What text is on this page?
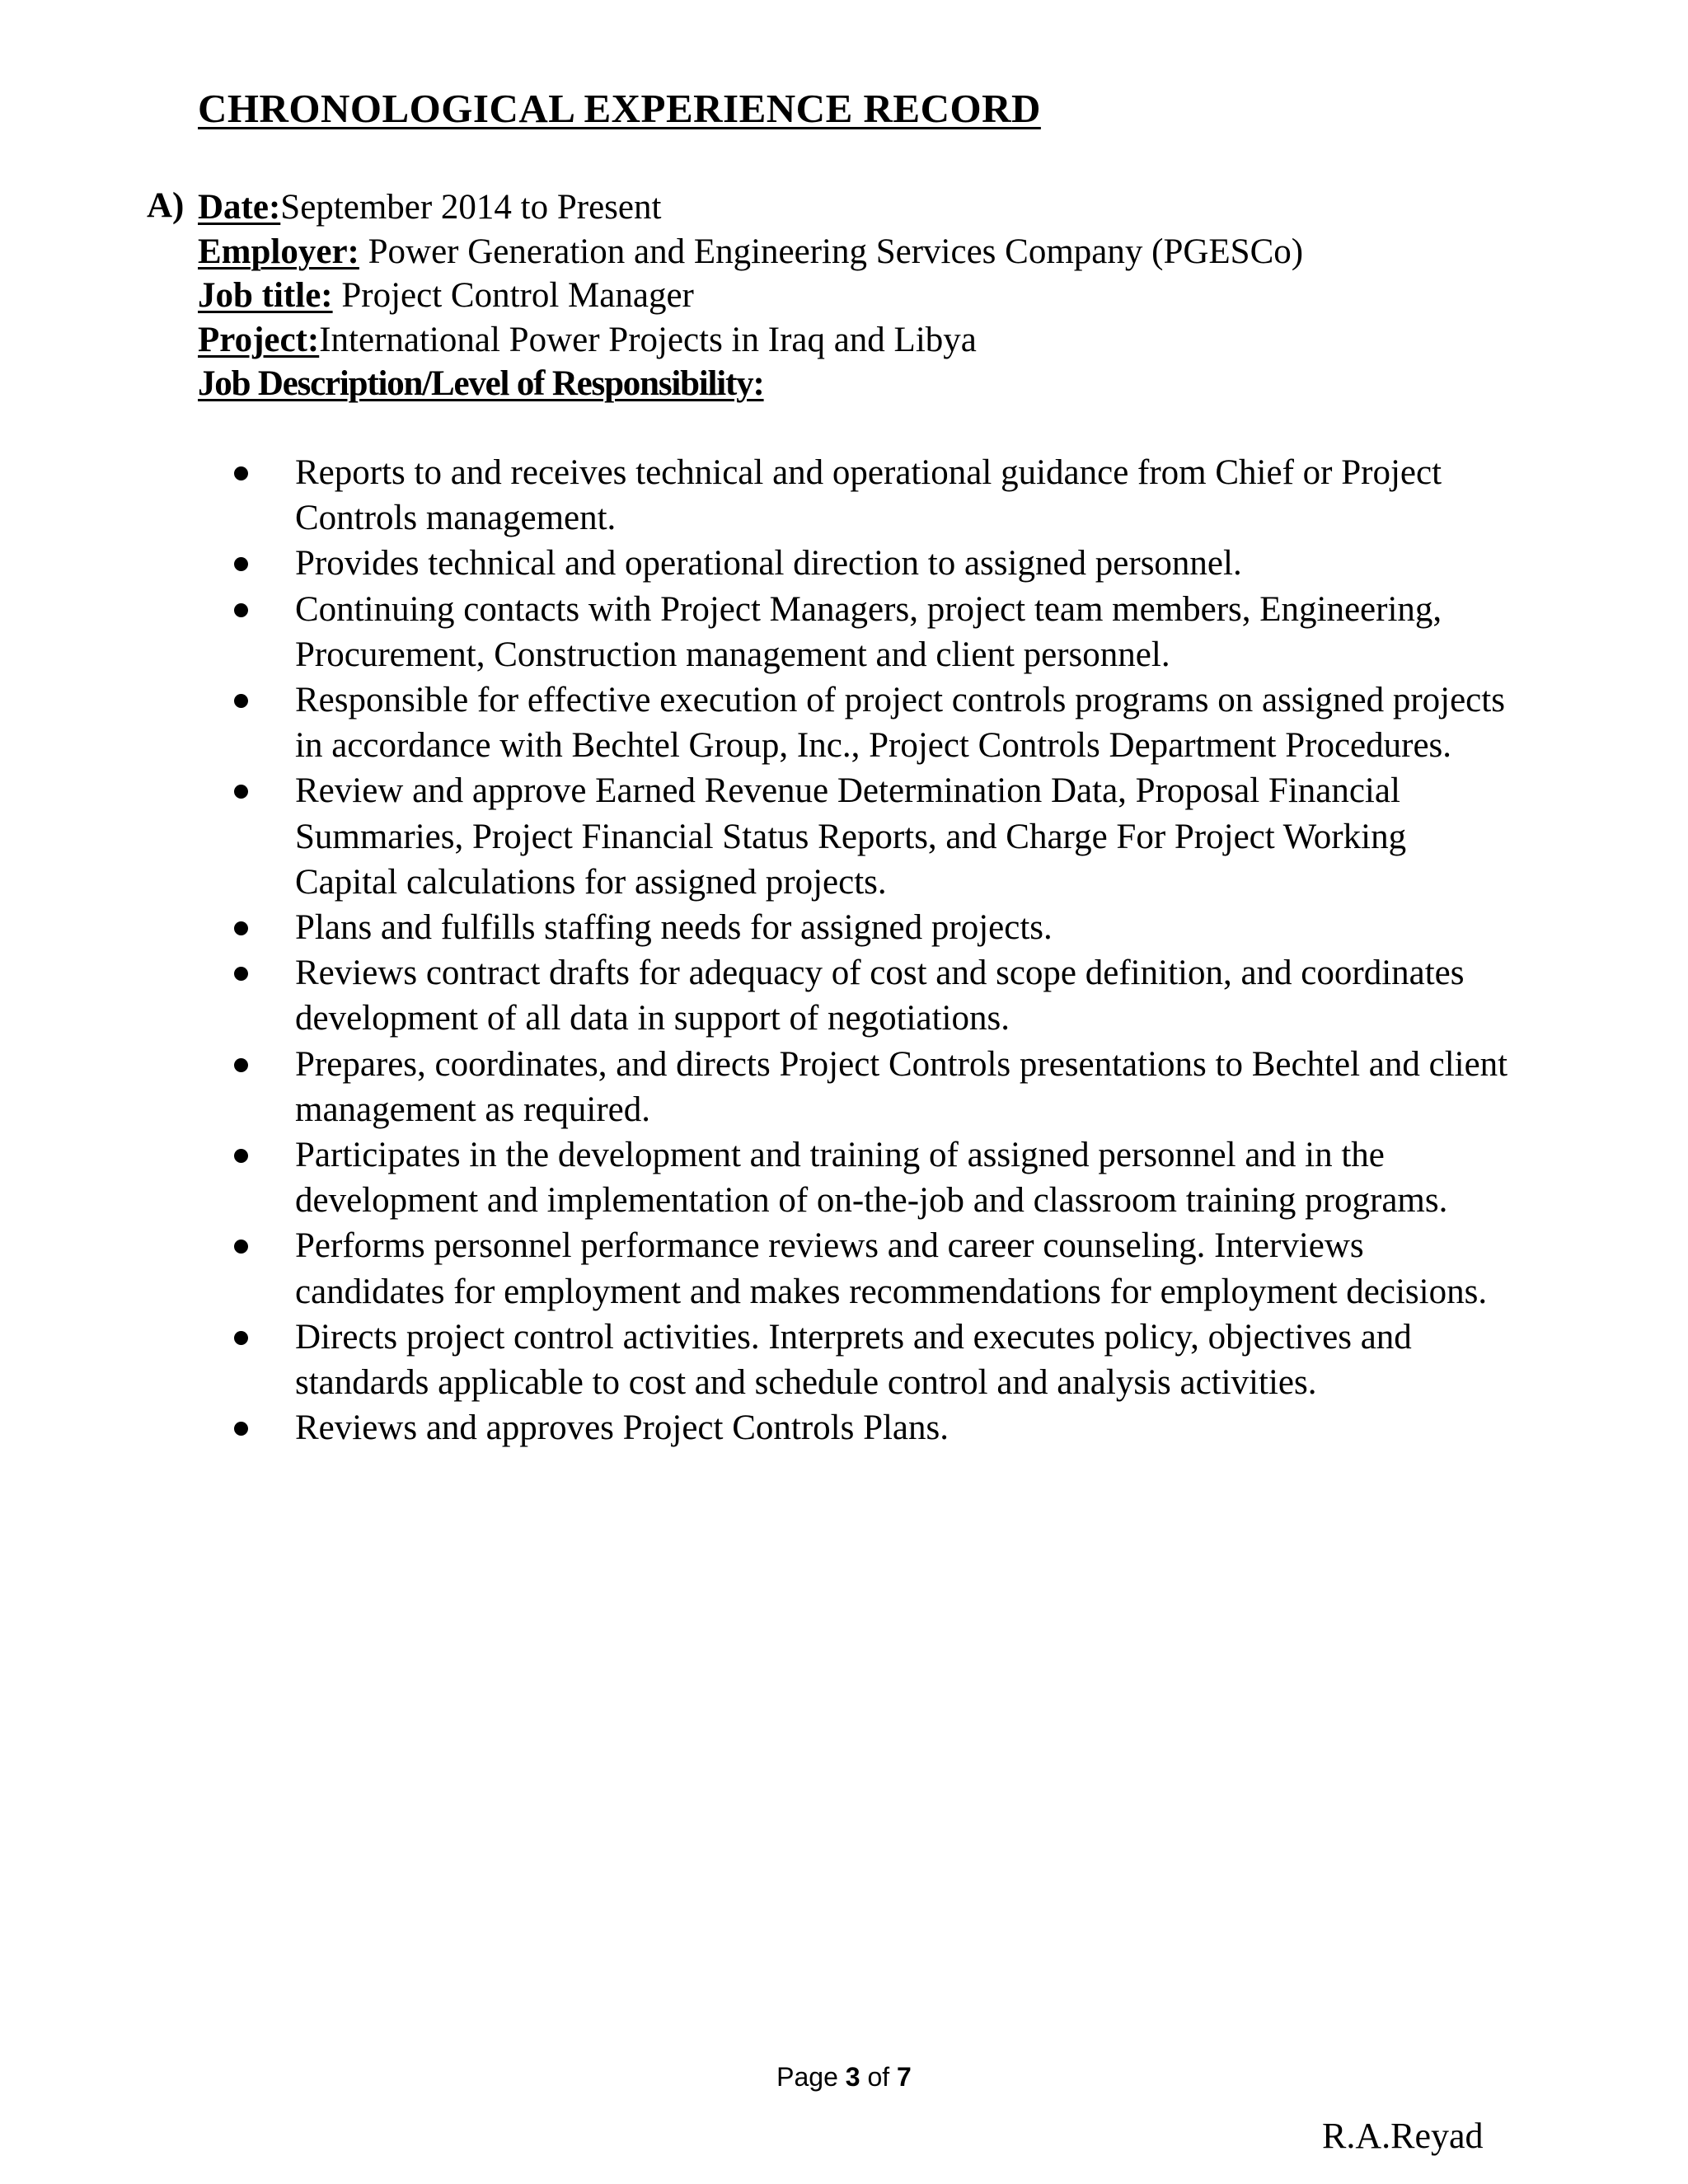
CHRONOLOGICAL EXPERIENCE RECORD
A) Date:September 2014 to Present
Employer: Power Generation and Engineering Services Company (PGESCo)
Job title: Project Control Manager
Project:International Power Projects in Iraq and Libya
Job Description/Level of Responsibility:
Reports to and receives technical and operational guidance from Chief or Project Controls management.
Provides technical and operational direction to assigned personnel.
Continuing contacts with Project Managers, project team members, Engineering, Procurement, Construction management and client personnel.
Responsible for effective execution of project controls programs on assigned projects in accordance with Bechtel Group, Inc., Project Controls Department Procedures.
Review and approve Earned Revenue Determination Data, Proposal Financial Summaries, Project Financial Status Reports, and Charge For Project Working Capital calculations for assigned projects.
Plans and fulfills staffing needs for assigned projects.
Reviews contract drafts for adequacy of cost and scope definition, and coordinates development of all data in support of negotiations.
Prepares, coordinates, and directs Project Controls presentations to Bechtel and client management as required.
Participates in the development and training of assigned personnel and in the development and implementation of on-the-job and classroom training programs.
Performs personnel performance reviews and career counseling. Interviews candidates for employment and makes recommendations for employment decisions.
Directs project control activities. Interprets and executes policy, objectives and standards applicable to cost and schedule control and analysis activities.
Reviews and approves Project Controls Plans.
Page 3 of 7
R.A.Reyad
